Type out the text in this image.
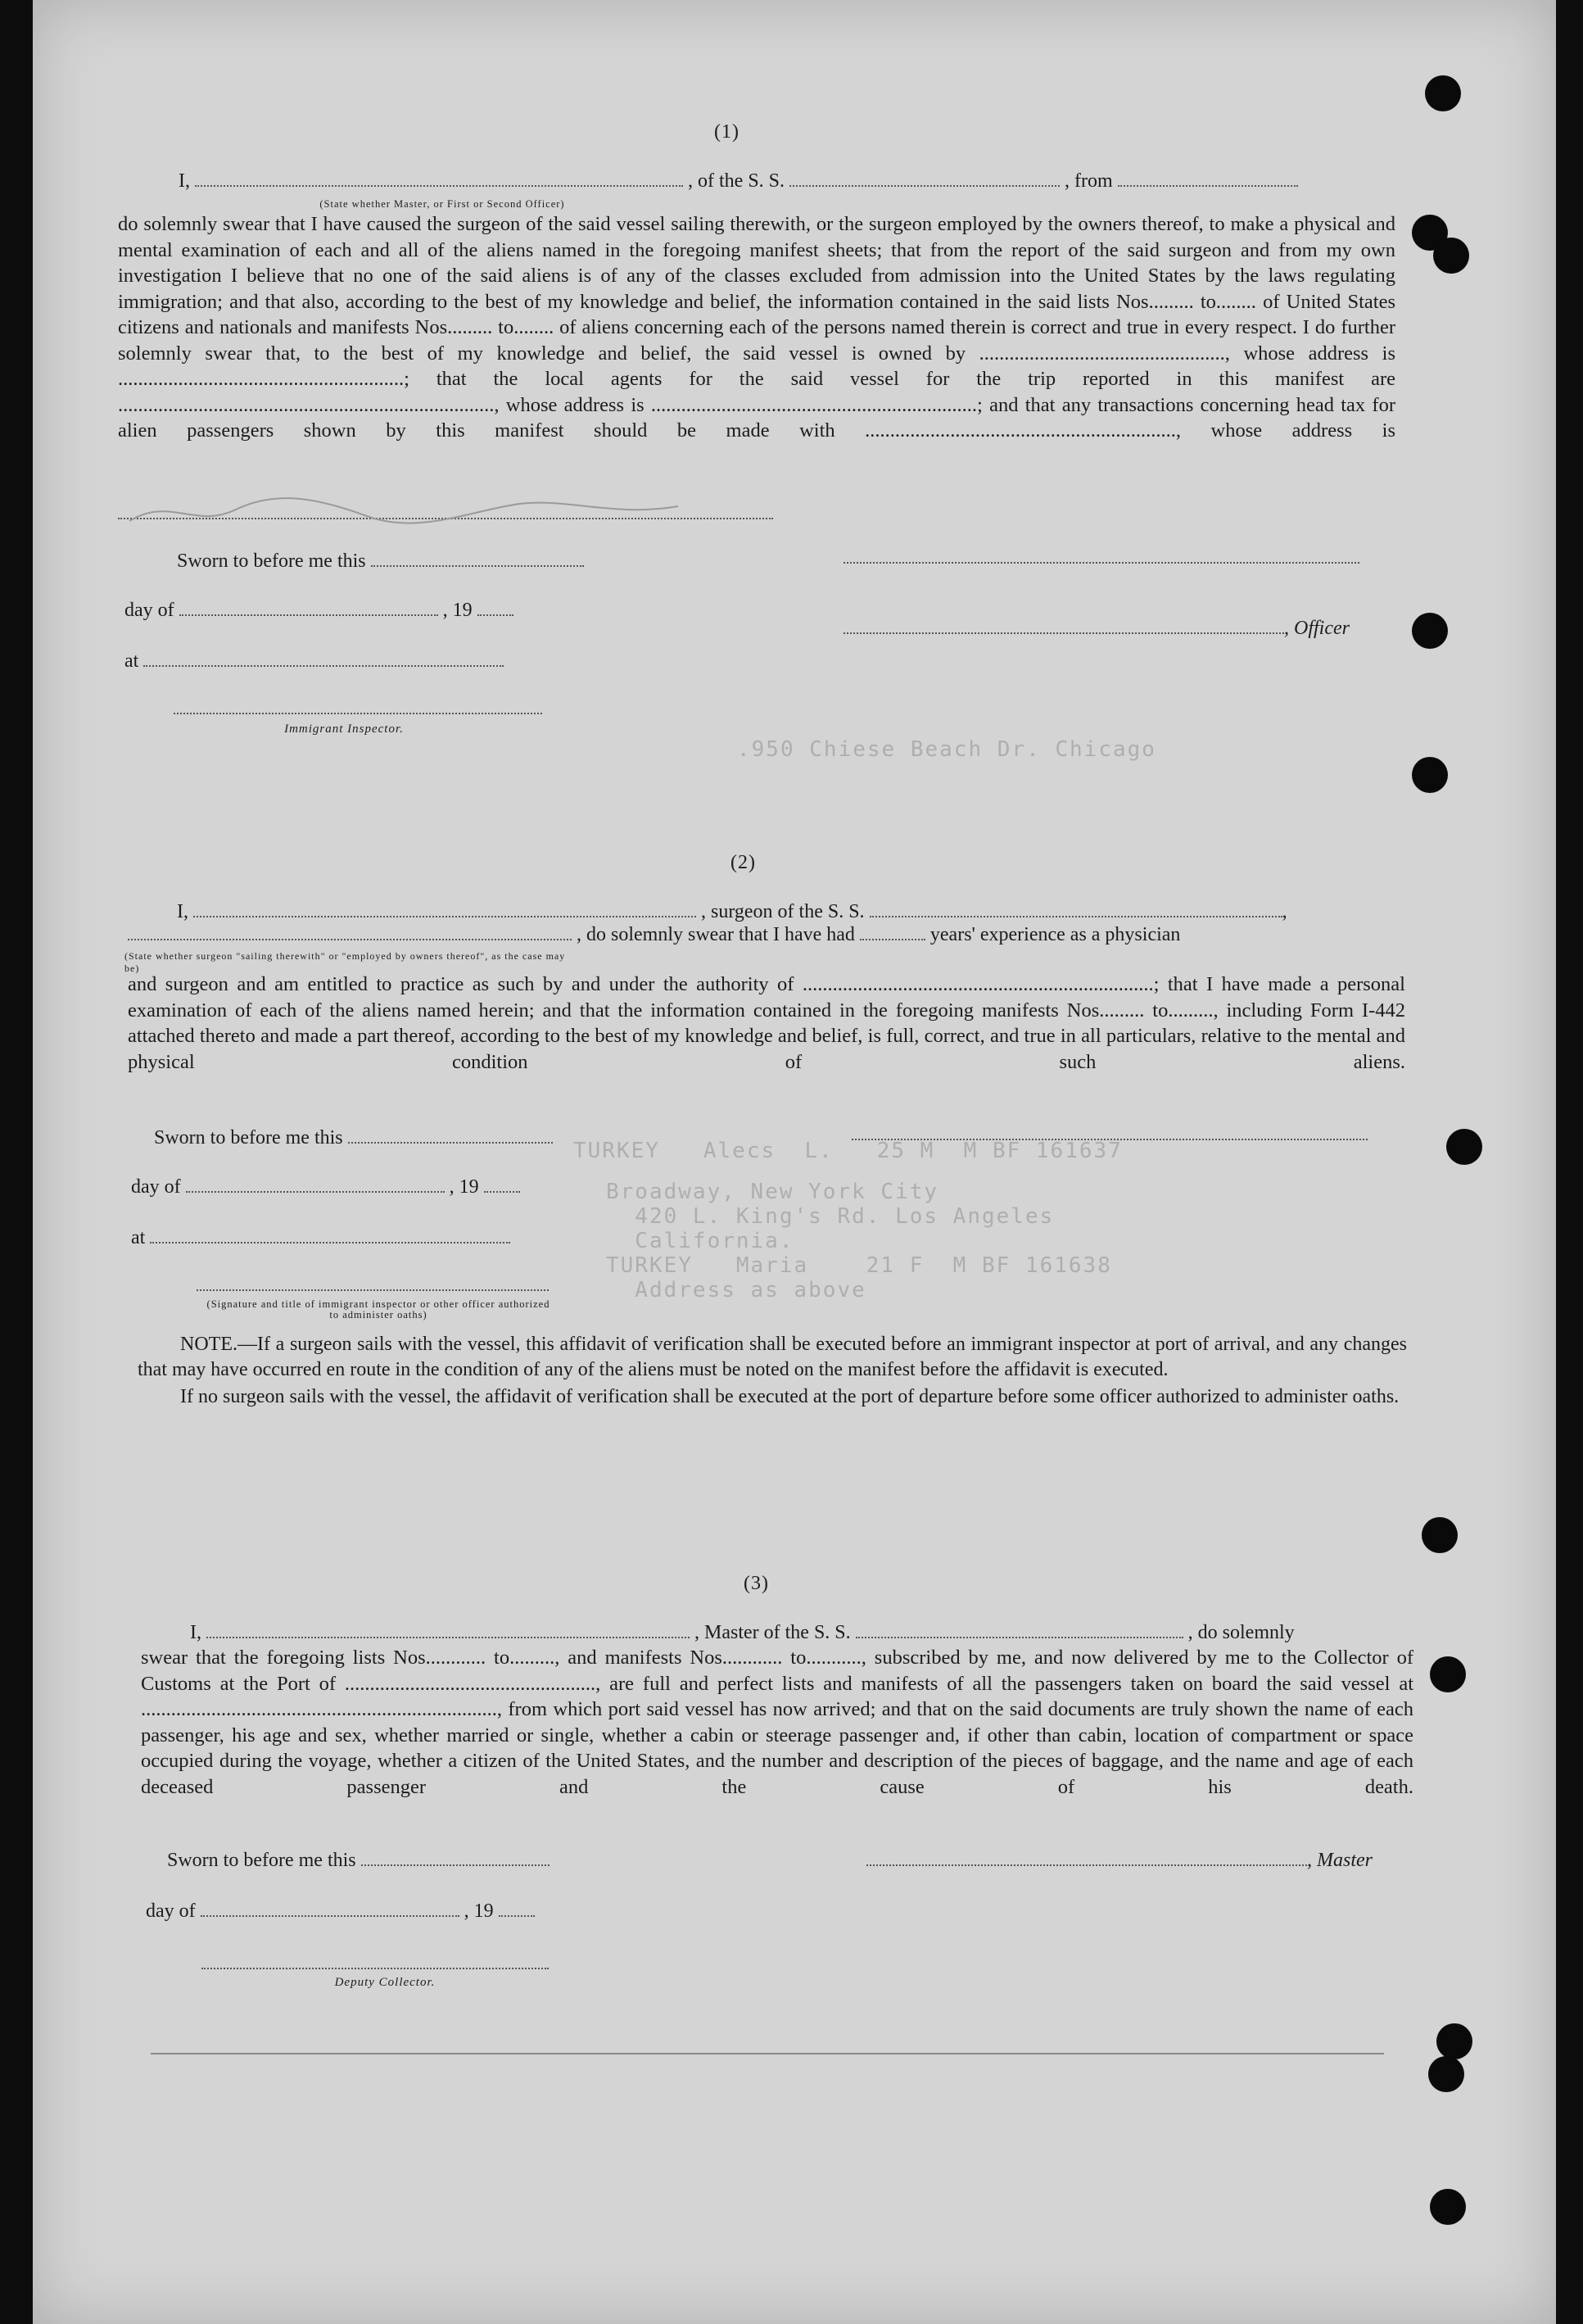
.950 Chiese Beach Dr. Chicago
TURKEY   Alecs  L.   25 M  M BF 161637
Broadway, New York City
420 L. King's Rd. Los Angeles
California.
TURKEY   Maria    21 F  M BF 161638
Address as above
(1)
I,	, of the S. S.	, from
(State whether Master, or First or Second Officer)
do solemnly swear that I have caused the surgeon of the said vessel sailing therewith, or the surgeon employed by the owners thereof, to make a physical and mental examination of each and all of the aliens named in the foregoing manifest sheets; that from the report of the said surgeon and from my own investigation I believe that no one of the said aliens is of any of the classes excluded from admission into the United States by the laws regulating immigration; and that also, according to the best of my knowledge and belief, the information contained in the said lists Nos......... to........ of United States citizens and nationals and manifests Nos......... to........ of aliens concerning each of the persons named therein is correct and true in every respect. I do further solemnly swear that, to the best of my knowledge and belief, the said vessel is owned by ................................................., whose address is .........................................................; that the local agents for the said vessel for the trip reported in this manifest are ..........................................................................., whose address is .................................................................; and that any transactions concerning head tax for alien passengers shown by this manifest should be made with .............................................................., whose address is
Sworn to before me this
day of	, 19
, Officer
at
Immigrant Inspector.
(2)
I,	, surgeon of the S. S.	,
, do solemnly swear that I have had	years' experience as a physician
(State whether surgeon "sailing therewith" or "employed by owners thereof", as the case may be)
and surgeon and am entitled to practice as such by and under the authority of ......................................................................; that I have made a personal examination of each of the aliens named herein; and that the information contained in the foregoing manifests Nos......... to........., including Form I-442 attached thereto and made a part thereof, according to the best of my knowledge and belief, is full, correct, and true in all particulars, relative to the mental and physical condition of such aliens.
Sworn to before me this
day of	, 19
at
(Signature and title of immigrant inspector or other officer authorized to administer oaths)
NOTE.—If a surgeon sails with the vessel, this affidavit of verification shall be executed before an immigrant inspector at port of arrival, and any changes that may have occurred en route in the condition of any of the aliens must be noted on the manifest before the affidavit is executed.
If no surgeon sails with the vessel, the affidavit of verification shall be executed at the port of departure before some officer authorized to administer oaths.
(3)
I,	, Master of the S. S.	, do solemnly
swear that the foregoing lists Nos............ to........., and manifests Nos............ to..........., subscribed by me, and now delivered by me to the Collector of Customs at the Port of .................................................., are full and perfect lists and manifests of all the passengers taken on board the said vessel at ......................................................................., from which port said vessel has now arrived; and that on the said documents are truly shown the name of each passenger, his age and sex, whether married or single, whether a cabin or steerage passenger and, if other than cabin, location of compartment or space occupied during the voyage, whether a citizen of the United States, and the number and description of the pieces of baggage, and the name and age of each deceased passenger and the cause of his death.
Sworn to before me this	, Master
day of	, 19
Deputy Collector.
